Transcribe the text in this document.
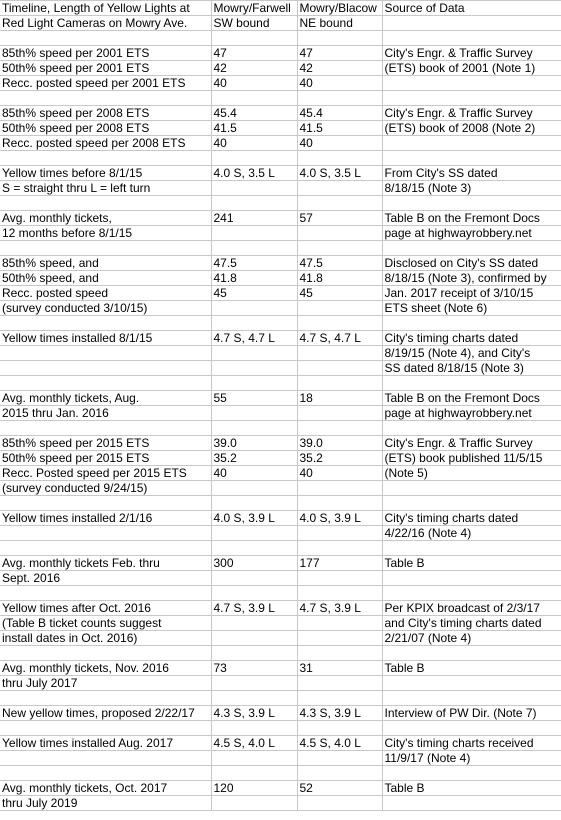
Timeline, Length of Yellow Lights at	Mowry/Farwell	Mowry/Blacow	Source of Data
Red Light Cameras on Mowry Ave.	SW bound	NE bound	

85th% speed per 2001 ETS	47	47	City's Engr. & Traffic Survey
50th% speed per 2001 ETS	42	42	(ETS) book of 2001 (Note 1)
Recc. posted speed per 2001 ETS	40	40	

85th% speed per 2008 ETS	45.4	45.4	City's Engr. & Traffic Survey
50th% speed per 2008 ETS	41.5	41.5	(ETS) book of 2008 (Note 2)
Recc. posted speed per 2008 ETS	40	40	

Yellow times before 8/1/15	4.0 S, 3.5 L	4.0 S, 3.5 L	From City's SS dated
S = straight thru L = left turn			8/18/15 (Note 3)

Avg. monthly tickets,	241	57	Table B on the Fremont Docs
12 months before 8/1/15			page at highwayrobbery.net

85th% speed, and	47.5	47.5	Disclosed on City's SS dated
50th% speed, and	41.8	41.8	8/18/15 (Note 3), confirmed by
Recc. posted speed	45	45	Jan. 2017 receipt of 3/10/15
(survey conducted 3/10/15)			ETS sheet (Note 6)

Yellow times installed 8/1/15	4.7 S, 4.7 L	4.7 S, 4.7 L	City's timing charts dated
			8/19/15 (Note 4), and City's
			SS dated 8/18/15 (Note 3)

Avg. monthly tickets, Aug.	55	18	Table B on the Fremont Docs
2015 thru Jan. 2016			page at highwayrobbery.net

85th% speed per 2015 ETS	39.0	39.0	City's Engr. & Traffic Survey
50th% speed per 2015 ETS	35.2	35.2	(ETS) book published 11/5/15
Recc. Posted speed per 2015 ETS	40	40	(Note 5)
(survey conducted 9/24/15)			

Yellow times installed 2/1/16	4.0 S, 3.9 L	4.0 S, 3.9 L	City's timing charts dated
			4/22/16 (Note 4)

Avg. monthly tickets Feb. thru	300	177	Table B
Sept. 2016			

Yellow times after Oct. 2016	4.7 S, 3.9 L	4.7 S, 3.9 L	Per KPIX broadcast of 2/3/17
(Table B ticket counts suggest			and City's timing charts dated
install dates in Oct. 2016)			2/21/07 (Note 4)

Avg. monthly tickets, Nov. 2016	73	31	Table B
thru July 2017			

New yellow times, proposed 2/22/17	4.3 S, 3.9 L	4.3 S, 3.9 L	Interview of PW Dir. (Note 7)

Yellow times installed Aug. 2017	4.5 S, 4.0 L	4.5 S, 4.0 L	City's timing charts received
			11/9/17 (Note 4)

Avg. monthly tickets, Oct. 2017	120	52	Table B
thru July 2019			
